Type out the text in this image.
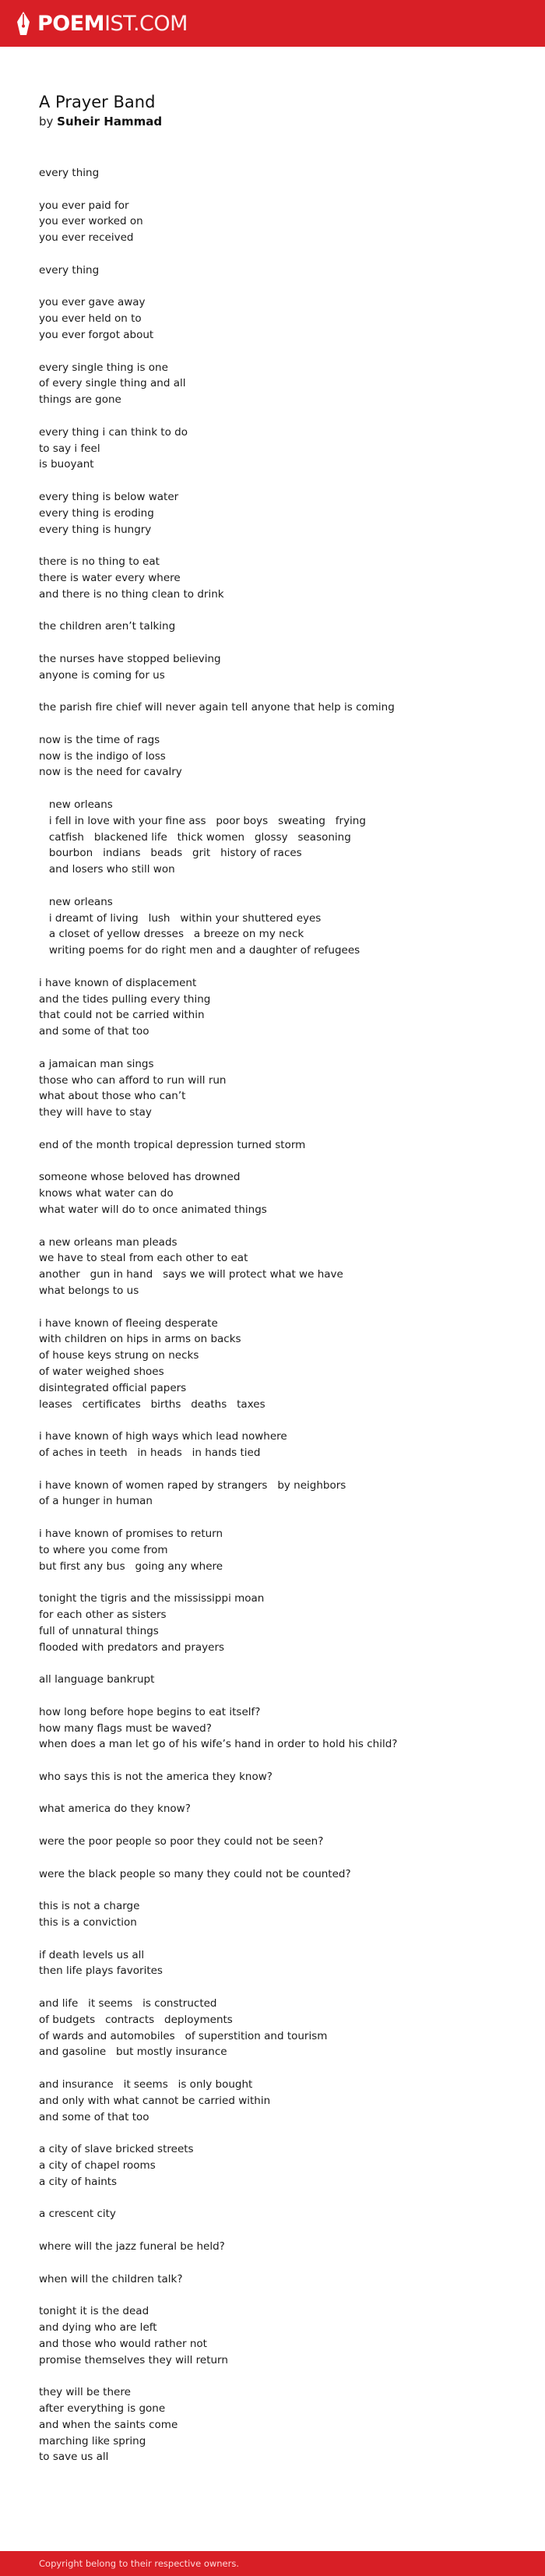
POEMIST.COM
A Prayer Band

by Suheir Hammad

every thing
you ever paid for
you ever worked on
you ever received
every thing
you ever gave away
you ever held on to
you ever forgot about
every single thing is one
of every single thing and all
things are gone
every thing i can think to do
to say i feel
is buoyant
every thing is below water
every thing is eroding
every thing is hungry
there is no thing to eat
there is water every where
and there is no thing clean to drink
the children aren’t talking
the nurses have stopped believing
anyone is coming for us
the parish fire chief will never again tell anyone that help is coming
now is the time of rags
now is the indigo of loss
now is the need for cavalry
new orleans
i fell in love with your fine ass   poor boys   sweating   frying
catfish   blackened life   thick women   glossy   seasoning
bourbon   indians   beads   grit   history of races
and losers who still won
new orleans
i dreamt of living   lush   within your shuttered eyes
a closet of yellow dresses   a breeze on my neck
writing poems for do right men and a daughter of refugees
i have known of displacement
and the tides pulling every thing
that could not be carried within
and some of that too
a jamaican man sings
those who can afford to run will run
what about those who can’t
they will have to stay
end of the month tropical depression turned storm
someone whose beloved has drowned
knows what water can do
what water will do to once animated things
a new orleans man pleads
we have to steal from each other to eat
another   gun in hand   says we will protect what we have
what belongs to us
i have known of fleeing desperate
with children on hips in arms on backs
of house keys strung on necks
of water weighed shoes
disintegrated official papers
leases   certificates   births   deaths   taxes
i have known of high ways which lead nowhere
of aches in teeth   in heads   in hands tied
i have known of women raped by strangers   by neighbors
of a hunger in human
i have known of promises to return
to where you come from
but first any bus   going any where
tonight the tigris and the mississippi moan
for each other as sisters
full of unnatural things
flooded with predators and prayers
all language bankrupt
how long before hope begins to eat itself?
how many flags must be waved?
when does a man let go of his wife’s hand in order to hold his child?
who says this is not the america they know?
what america do they know?
were the poor people so poor they could not be seen?
were the black people so many they could not be counted?
this is not a charge
this is a conviction
if death levels us all
then life plays favorites
and life   it seems   is constructed
of budgets   contracts   deployments
of wards and automobiles   of superstition and tourism
and gasoline   but mostly insurance
and insurance   it seems   is only bought
and only with what cannot be carried within
and some of that too
a city of slave bricked streets
a city of chapel rooms
a city of haints
a crescent city
where will the jazz funeral be held?
when will the children talk?
tonight it is the dead
and dying who are left
and those who would rather not
promise themselves they will return
they will be there
after everything is gone
and when the saints come
marching like spring
to save us all
Copyright belong to their respective owners.
